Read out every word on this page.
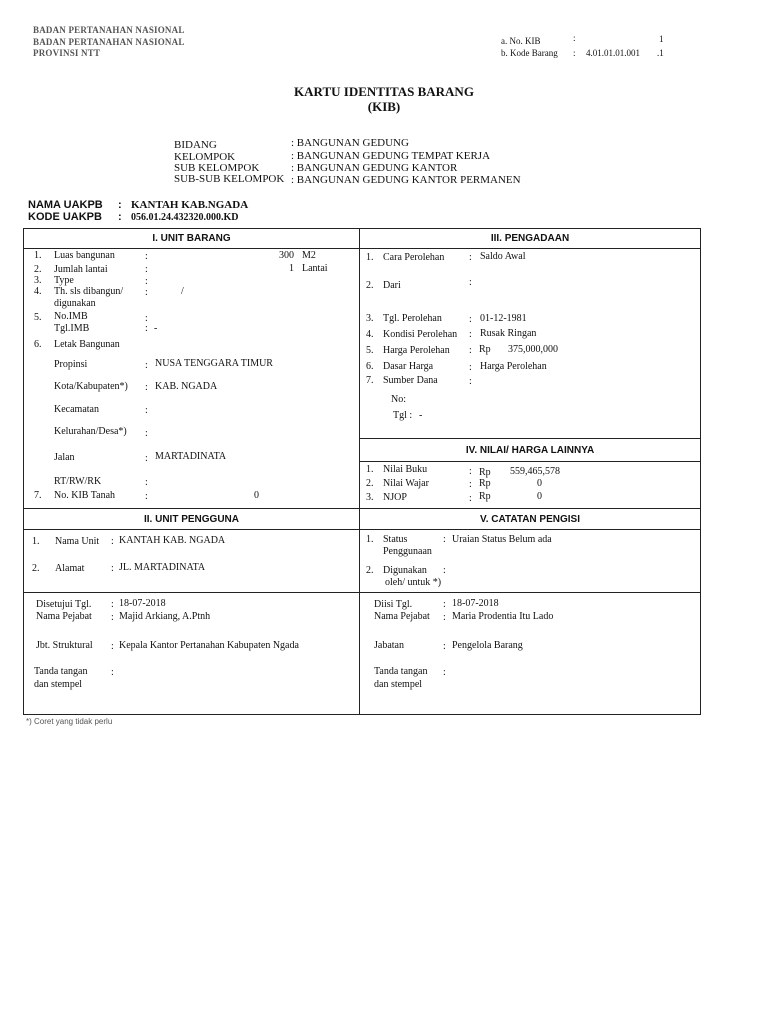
BADAN PERTANAHAN NASIONAL
BADAN PERTANAHAN NASIONAL
PROVINSI NTT
a. No. KIB	:	1
b. Kode Barang : 4.01.01.01.001 .1
KARTU IDENTITAS BARANG
(KIB)
BIDANG	: BANGUNAN GEDUNG
KELOMPOK	: BANGUNAN GEDUNG TEMPAT KERJA
SUB KELOMPOK	: BANGUNAN GEDUNG KANTOR
SUB-SUB KELOMPOK : BANGUNAN GEDUNG KANTOR PERMANEN
NAMA UAKPB : KANTAH KAB.NGADA
KODE UAKPB : 056.01.24.432320.000.KD
I. UNIT BARANG
1. Luas bangunan	:	300 M2
2. Jumlah lantai	:	1 Lantai
3. Type	:
4. Th. sls dibangun/
digunakan
:	/
5. No.IMB	:
Tgl.IMB	: -
6. Letak Bangunan
Propinsi	: NUSA TENGGARA TIMUR
Kota/Kabupaten*) : KAB. NGADA
Kecamatan	:
Kelurahan/Desa*) :
Jalan	: MARTADINATA
RT/RW/RK	:
7. No. KIB Tanah	:	0
III. PENGADAAN
1. Cara Perolehan : Saldo Awal
2. Dari	:
3. Tgl. Perolehan	: 01-12-1981
4. Kondisi Perolehan : Rusak Ringan
5. Harga Perolehan : Rp 375,000,000
6. Dasar Harga	: Harga Perolehan
7. Sumber Dana	:
No:
Tgl : -
IV. NILAI/ HARGA LAINNYA
1. Nilai Buku	: Rp 559,465,578
2. Nilai Wajar	: Rp	0
3. NJOP	: Rp	0
II. UNIT PENGGUNA
1. Nama Unit : KANTAH KAB. NGADA
2. Alamat	: JL. MARTADINATA
V. CATATAN PENGISI
1. Status
Penggunaan
: Uraian Status Belum ada
2. Digunakan
oleh/ untuk *)
:
Disetujui Tgl. : 18-07-2018
Nama Pejabat : Majid Arkiang, A.Ptnh
Jbt. Struktural : Kepala Kantor Pertanahan Kabupaten Ngada
Tanda tangan
dan stempel
:
Diisi Tgl.	: 18-07-2018
Nama Pejabat : Maria Prodentia Itu Lado
Jabatan	: Pengelola Barang
Tanda tangan
dan stempel
:
*) Coret yang tidak perlu
